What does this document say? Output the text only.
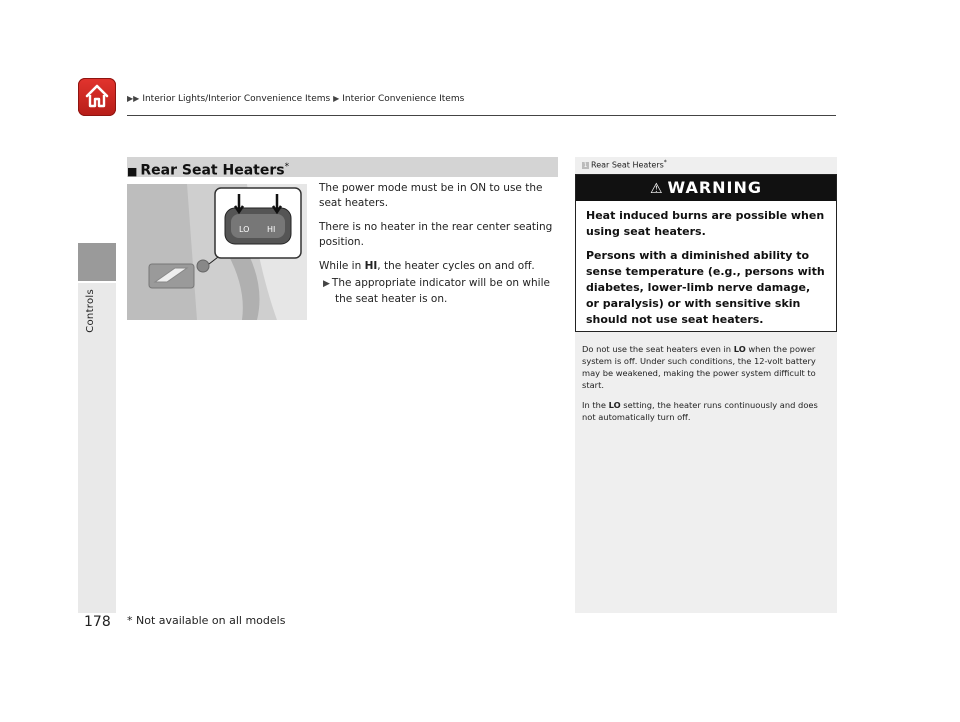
▶▶ Interior Lights/Interior Convenience Items ▶ Interior Convenience Items
Controls
■ Rear Seat Heaters*
LO HI

The power mode must be in ON to use the seat heaters.

There is no heater in the rear center seating position.

While in HI, the heater cycles on and off.

▶ The appropriate indicator will be on while the seat heater is on.

1 Rear Seat Heaters*
⚠ WARNING

Heat induced burns are possible when using seat heaters.

Persons with a diminished ability to sense temperature (e.g., persons with diabetes, lower-limb nerve damage, or paralysis) or with sensitive skin should not use seat heaters.

Do not use the seat heaters even in LO when the power system is off. Under such conditions, the 12-volt battery may be weakened, making the power system difficult to start.

In the LO setting, the heater runs continuously and does not automatically turn off.

178 * Not available on all models
